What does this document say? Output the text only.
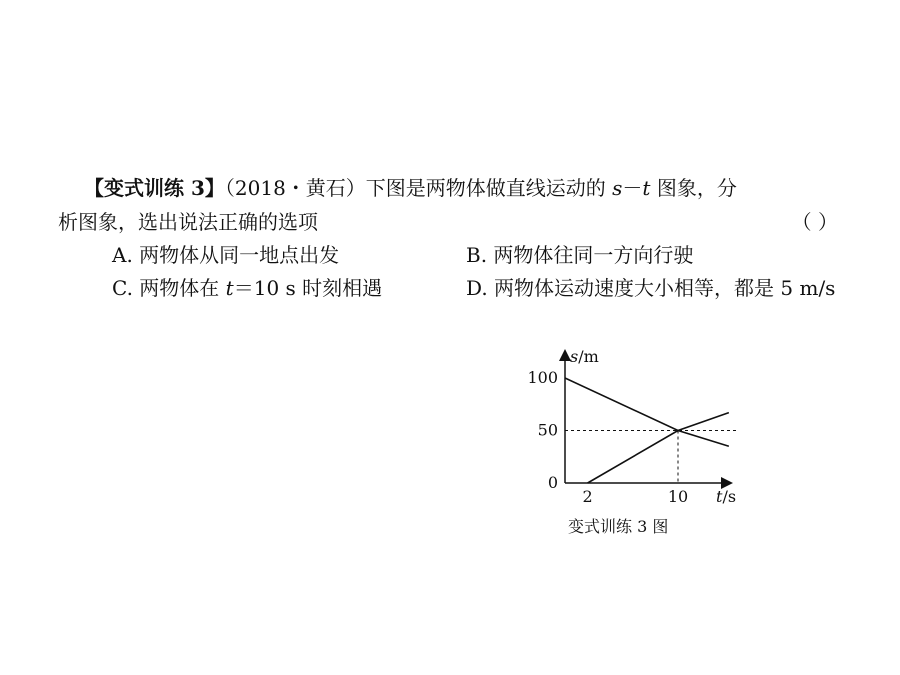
【变式训练 3】（2018・黄石）下图是两物体做直线运动的 s－t 图象，分
析图象，选出说法正确的选项	（ ）
A. 两物体从同一地点出发	B. 两物体往同一方向行驶
C. 两物体在 t＝10 s 时刻相遇	D. 两物体运动速度大小相等，都是 5 m/s
s/m
t/s
100
50
0
2	10
变式训练 3 图
